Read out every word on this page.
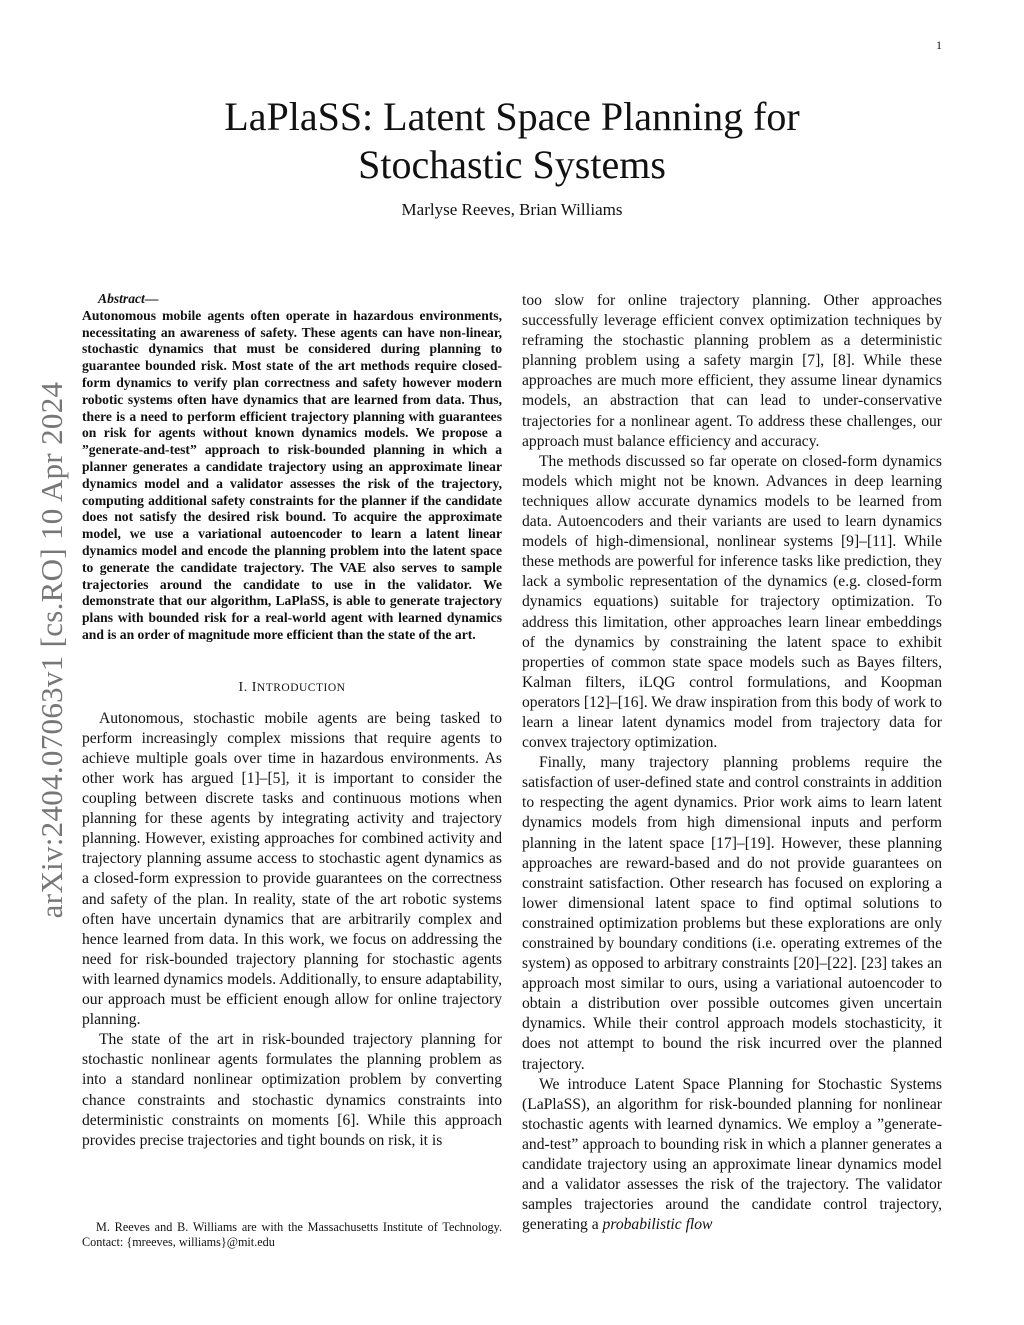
1
arXiv:2404.07063v1 [cs.RO] 10 Apr 2024
LaPlaSS: Latent Space Planning for
Stochastic Systems
Marlyse Reeves, Brian Williams
Abstract—
Autonomous mobile agents often operate in hazardous environments, necessitating an awareness of safety. These agents can have non-linear, stochastic dynamics that must be considered during planning to guarantee bounded risk. Most state of the art methods require closed-form dynamics to verify plan correctness and safety however modern robotic systems often have dynamics that are learned from data. Thus, there is a need to perform efficient trajectory planning with guarantees on risk for agents without known dynamics models. We propose a ”generate-and-test” approach to risk-bounded planning in which a planner generates a candidate trajectory using an approximate linear dynamics model and a validator assesses the risk of the trajectory, computing additional safety constraints for the planner if the candidate does not satisfy the desired risk bound. To acquire the approximate model, we use a variational autoencoder to learn a latent linear dynamics model and encode the planning problem into the latent space to generate the candidate trajectory. The VAE also serves to sample trajectories around the candidate to use in the validator. We demonstrate that our algorithm, LaPlaSS, is able to generate trajectory plans with bounded risk for a real-world agent with learned dynamics and is an order of magnitude more efficient than the state of the art.
I. INTRODUCTION

Autonomous, stochastic mobile agents are being tasked to perform increasingly complex missions that require agents to achieve multiple goals over time in hazardous environments. As other work has argued [1]–[5], it is important to consider the coupling between discrete tasks and continuous motions when planning for these agents by integrating activity and trajectory planning. However, existing approaches for combined activity and trajectory planning assume access to stochastic agent dynamics as a closed-form expression to provide guarantees on the correctness and safety of the plan. In reality, state of the art robotic systems often have uncertain dynamics that are arbitrarily complex and hence learned from data. In this work, we focus on addressing the need for risk-bounded trajectory planning for stochastic agents with learned dynamics models. Additionally, to ensure adaptability, our approach must be efficient enough allow for online trajectory planning.

The state of the art in risk-bounded trajectory planning for stochastic nonlinear agents formulates the planning problem as into a standard nonlinear optimization problem by converting chance constraints and stochastic dynamics constraints into deterministic constraints on moments [6]. While this approach provides precise trajectories and tight bounds on risk, it is

M. Reeves and B. Williams are with the Massachusetts Institute of Technology. Contact: {mreeves, williams}@mit.edu

too slow for online trajectory planning. Other approaches successfully leverage efficient convex optimization techniques by reframing the stochastic planning problem as a deterministic planning problem using a safety margin [7], [8]. While these approaches are much more efficient, they assume linear dynamics models, an abstraction that can lead to under-conservative trajectories for a nonlinear agent. To address these challenges, our approach must balance efficiency and accuracy.

The methods discussed so far operate on closed-form dynamics models which might not be known. Advances in deep learning techniques allow accurate dynamics models to be learned from data. Autoencoders and their variants are used to learn dynamics models of high-dimensional, nonlinear systems [9]–[11]. While these methods are powerful for inference tasks like prediction, they lack a symbolic representation of the dynamics (e.g. closed-form dynamics equations) suitable for trajectory optimization. To address this limitation, other approaches learn linear embeddings of the dynamics by constraining the latent space to exhibit properties of common state space models such as Bayes filters, Kalman filters, iLQG control formulations, and Koopman operators [12]–[16]. We draw inspiration from this body of work to learn a linear latent dynamics model from trajectory data for convex trajectory optimization.

Finally, many trajectory planning problems require the satisfaction of user-defined state and control constraints in addition to respecting the agent dynamics. Prior work aims to learn latent dynamics models from high dimensional inputs and perform planning in the latent space [17]–[19]. However, these planning approaches are reward-based and do not provide guarantees on constraint satisfaction. Other research has focused on exploring a lower dimensional latent space to find optimal solutions to constrained optimization problems but these explorations are only constrained by boundary conditions (i.e. operating extremes of the system) as opposed to arbitrary constraints [20]–[22]. [23] takes an approach most similar to ours, using a variational autoencoder to obtain a distribution over possible outcomes given uncertain dynamics. While their control approach models stochasticity, it does not attempt to bound the risk incurred over the planned trajectory.

We introduce Latent Space Planning for Stochastic Systems (LaPlaSS), an algorithm for risk-bounded planning for nonlinear stochastic agents with learned dynamics. We employ a ”generate-and-test” approach to bounding risk in which a planner generates a candidate trajectory using an approximate linear dynamics model and a validator assesses the risk of the trajectory. The validator samples trajectories around the candidate control trajectory, generating a probabilistic flow
